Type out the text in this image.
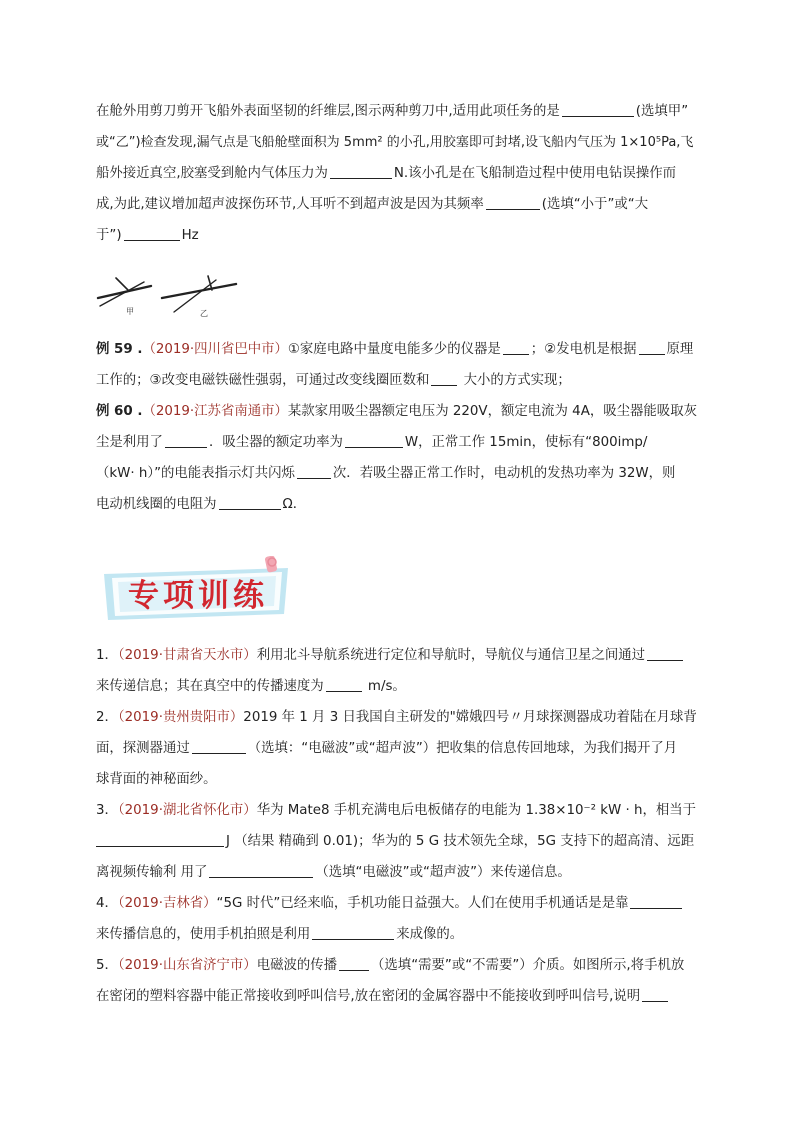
在舱外用剪刀剪开飞船外表面坚韧的纤维层,图示两种剪刀中,适用此项任务的是	(选填甲”
或“乙”)检查发现,漏气点是飞船舱壁面积为 5mm² 的小孔,用胶塞即可封堵,设飞船内气压为 1×10⁵Pa,飞
船外接近真空,胶塞受到舱内气体压力为	N.该小孔是在飞船制造过程中使用电钻误操作而
成,为此,建议增加超声波探伤环节,人耳听不到超声波是因为其频率	(选填“小于”或“大
于”)	Hz
甲	乙
例 59 .（2019·四川省巴中市）①家庭电路中量度电能多少的仪器是 ；②发电机是根据 原理
工作的；③改变电磁铁磁性强弱，可通过改变线圈匝数和 大小的方式实现；
例 60 .（2019·江苏省南通市）某款家用吸尘器额定电压为 220V，额定电流为 4A，吸尘器能吸取灰
尘是利用了	．吸尘器的额定功率为	W，正常工作 15min，使标有“800imp/
（kW· h）”的电能表指示灯共闪烁	次．若吸尘器正常工作时，电动机的发热功率为 32W，则
电动机线圈的电阻为	Ω．
专项训练
1．（2019·甘肃省天水市）利用北斗导航系统进行定位和导航时，导航仪与通信卫星之间通过
来传递信息；其在真空中的传播速度为	m/s。
2．（2019·贵州贵阳市）2019 年 1 月 3 日我国自主研发的"嫦娥四号〃月球探测器成功着陆在月球背
面，探测器通过	（选填：“电磁波”或“超声波”）把收集的信息传回地球，为我们揭开了月
球背面的神秘面纱。
3．（2019·湖北省怀化市）华为 Mate8 手机充满电后电板储存的电能为 1.38×10⁻² kW · h，相当于
J （结果 精确到 0.01)；华为的 5 G 技术领先全球，5G 支持下的超高清、远距
离视频传输利 用了	（选填“电磁波”或“超声波”）来传递信息。
4．（2019·吉林省）“5G 时代”已经来临，手机功能日益强大。人们在使用手机通话是是靠
来传播信息的，使用手机拍照是利用	来成像的。
5．（2019·山东省济宁市）电磁波的传播	（选填“需要”或“不需要”）介质。如图所示,将手机放
在密闭的塑料容器中能正常接收到呼叫信号,放在密闭的金属容器中不能接收到呼叫信号,说明
